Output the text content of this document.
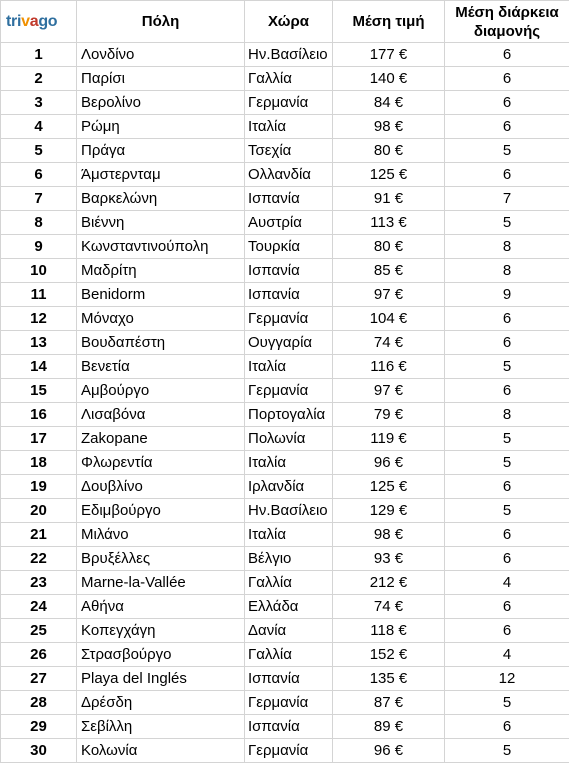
trivago	Πόλη	Χώρα	Μέση τιμή	Μέση διάρκεια
διαμονής
1	Λονδίνο	Ην.Βασίλειο	177 €	6
2	Παρίσι	Γαλλία	140 €	6
3	Βερολίνο	Γερμανία	84 €	6
4	Ρώμη	Ιταλία	98 €	6
5	Πράγα	Τσεχία	80 €	5
6	Άμστερνταμ	Ολλανδία	125 €	6
7	Βαρκελώνη	Ισπανία	91 €	7
8	Βιέννη	Αυστρία	113 €	5
9	Κωνσταντινούπολη	Τουρκία	80 €	8
10	Μαδρίτη	Ισπανία	85 €	8
11	Benidorm	Ισπανία	97 €	9
12	Μόναχο	Γερμανία	104 €	6
13	Βουδαπέστη	Ουγγαρία	74 €	6
14	Βενετία	Ιταλία	116 €	5
15	Αμβούργο	Γερμανία	97 €	6
16	Λισαβόνα	Πορτογαλία	79 €	8
17	Zakopane	Πολωνία	119 €	5
18	Φλωρεντία	Ιταλία	96 €	5
19	Δουβλίνο	Ιρλανδία	125 €	6
20	Εδιμβούργο	Ην.Βασίλειο	129 €	5
21	Μιλάνο	Ιταλία	98 €	6
22	Βρυξέλλες	Βέλγιο	93 €	6
23	Marne-la-Vallée	Γαλλία	212 €	4
24	Αθήνα	Ελλάδα	74 €	6
25	Κοπεγχάγη	Δανία	118 €	6
26	Στρασβούργο	Γαλλία	152 €	4
27	Playa del Inglés	Ισπανία	135 €	12
28	Δρέσδη	Γερμανία	87 €	5
29	Σεβίλλη	Ισπανία	89 €	6
30	Κολωνία	Γερμανία	96 €	5
